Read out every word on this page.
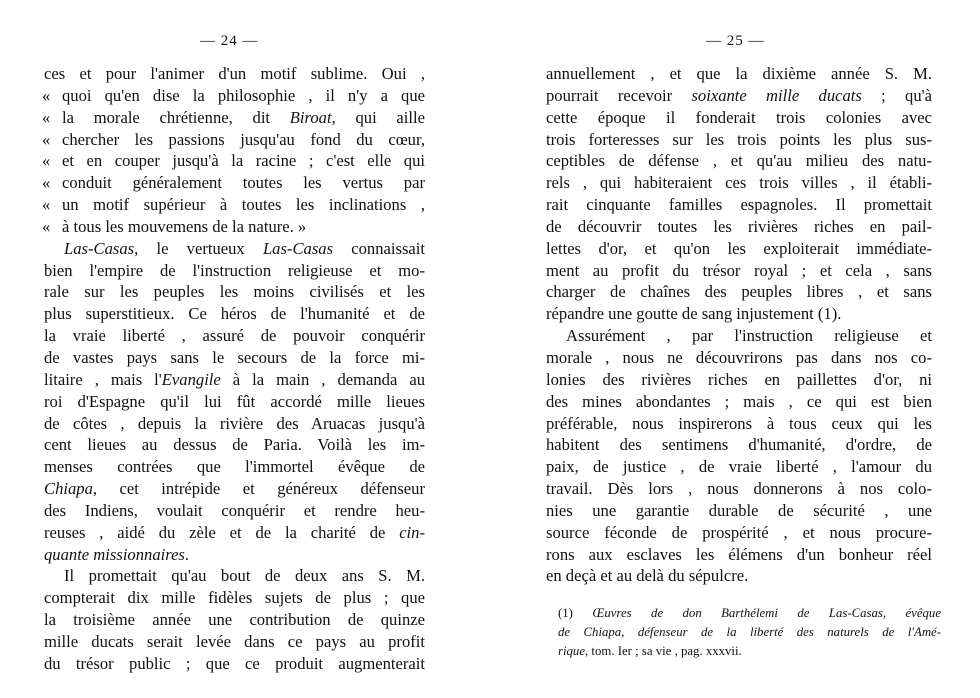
— 24 —
ces et pour l'animer d'un motif sublime. Oui ,
« quoi qu'en dise la philosophie , il n'y a que
« la morale chrétienne, dit Biroat, qui aille
« chercher les passions jusqu'au fond du cœur,
« et en couper jusqu'à la racine ; c'est elle qui
« conduit généralement toutes les vertus par
« un motif supérieur à toutes les inclinations ,
« à tous les mouvemens de la nature. »
Las-Casas, le vertueux Las-Casas connaissait
bien l'empire de l'instruction religieuse et mo-
rale sur les peuples les moins civilisés et les
plus superstitieux. Ce héros de l'humanité et de
la vraie liberté , assuré de pouvoir conquérir
de vastes pays sans le secours de la force mi-
litaire , mais l'Evangile à la main , demanda au
roi d'Espagne qu'il lui fût accordé mille lieues
de côtes , depuis la rivière des Aruacas jusqu'à
cent lieues au dessus de Paria. Voilà les im-
menses contrées que l'immortel évêque de
Chiapa, cet intrépide et généreux défenseur
des Indiens, voulait conquérir et rendre heu-
reuses , aidé du zèle et de la charité de cin-
quante missionnaires.
Il promettait qu'au bout de deux ans S. M.
compterait dix mille fidèles sujets de plus ; que
la troisième année une contribution de quinze
mille ducats serait levée dans ce pays au profit
du trésor public ; que ce produit augmenterait
— 25 —
annuellement , et que la dixième année S. M.
pourrait recevoir soixante mille ducats ; qu'à
cette époque il fonderait trois colonies avec
trois forteresses sur les trois points les plus sus-
ceptibles de défense , et qu'au milieu des natu-
rels , qui habiteraient ces trois villes , il établi-
rait cinquante familles espagnoles. Il promettait
de découvrir toutes les rivières riches en pail-
lettes d'or, et qu'on les exploiterait immédiate-
ment au profit du trésor royal ; et cela , sans
charger de chaînes des peuples libres , et sans
répandre une goutte de sang injustement (1).
Assurément , par l'instruction religieuse et
morale , nous ne découvrirons pas dans nos co-
lonies des rivières riches en paillettes d'or, ni
des mines abondantes ; mais , ce qui est bien
préférable, nous inspirerons à tous ceux qui les
habitent des sentimens d'humanité, d'ordre, de
paix, de justice , de vraie liberté , l'amour du
travail. Dès lors , nous donnerons à nos colo-
nies une garantie durable de sécurité , une
source féconde de prospérité , et nous procure-
rons aux esclaves les élémens d'un bonheur réel
en deçà et au delà du sépulcre.
(1) Œuvres de don Barthélemi de Las-Casas, évêque
de Chiapa, défenseur de la liberté des naturels de l'Amé-
rique, tom. Ier ; sa vie , pag. xxxvii.
